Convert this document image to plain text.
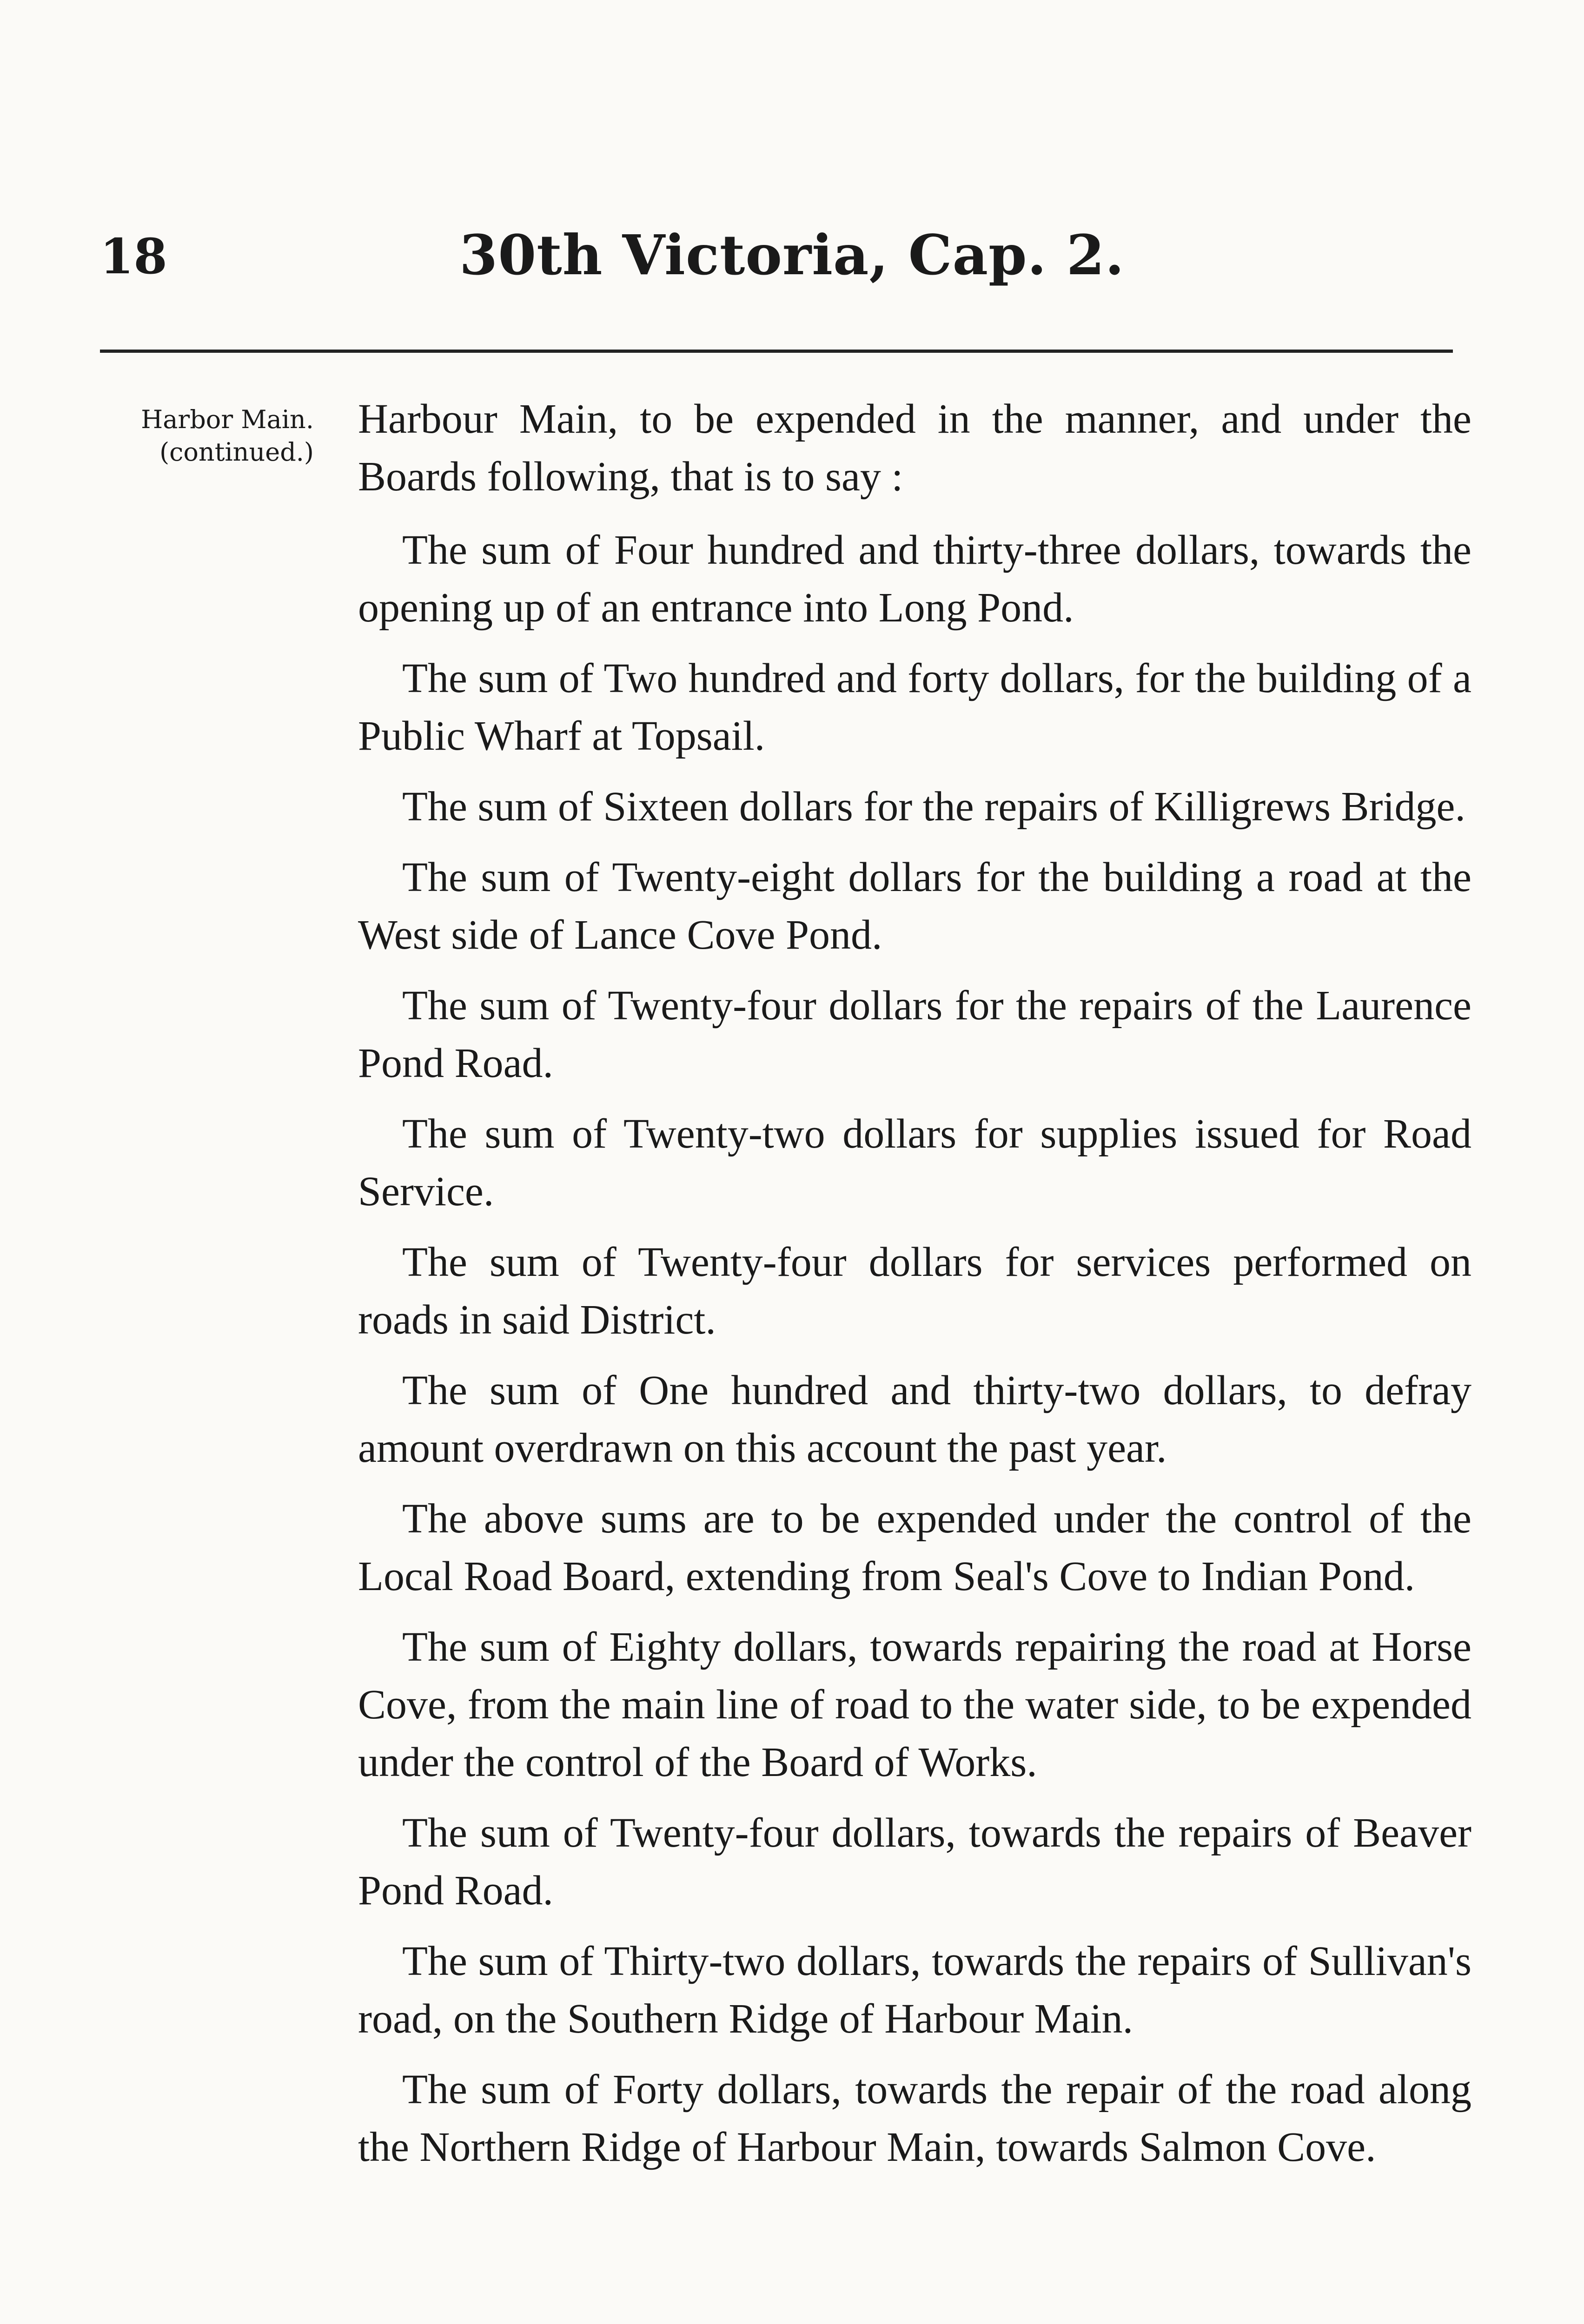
18	30th Victoria, Cap. 2.
Harbor Main.
(continued.)

Harbour Main, to be expended in the manner, and under the Boards following, that is to say :

The sum of Four hundred and thirty-three dollars, towards the opening up of an entrance into Long Pond.

The sum of Two hundred and forty dollars, for the building of a Public Wharf at Topsail.

The sum of Sixteen dollars for the repairs of Killigrews Bridge.

The sum of Twenty-eight dollars for the building a road at the West side of Lance Cove Pond.

The sum of Twenty-four dollars for the repairs of the Laurence Pond Road.

The sum of Twenty-two dollars for supplies issued for Road Service.

The sum of Twenty-four dollars for services performed on roads in said District.

The sum of One hundred and thirty-two dollars, to defray amount overdrawn on this account the past year.

The above sums are to be expended under the control of the Local Road Board, extending from Seal's Cove to Indian Pond.

The sum of Eighty dollars, towards repairing the road at Horse Cove, from the main line of road to the water side, to be expended under the control of the Board of Works.

The sum of Twenty-four dollars, towards the repairs of Beaver Pond Road.

The sum of Thirty-two dollars, towards the repairs of Sullivan's road, on the Southern Ridge of Harbour Main.

The sum of Forty dollars, towards the repair of the road along the Northern Ridge of Harbour Main, towards Salmon Cove.
